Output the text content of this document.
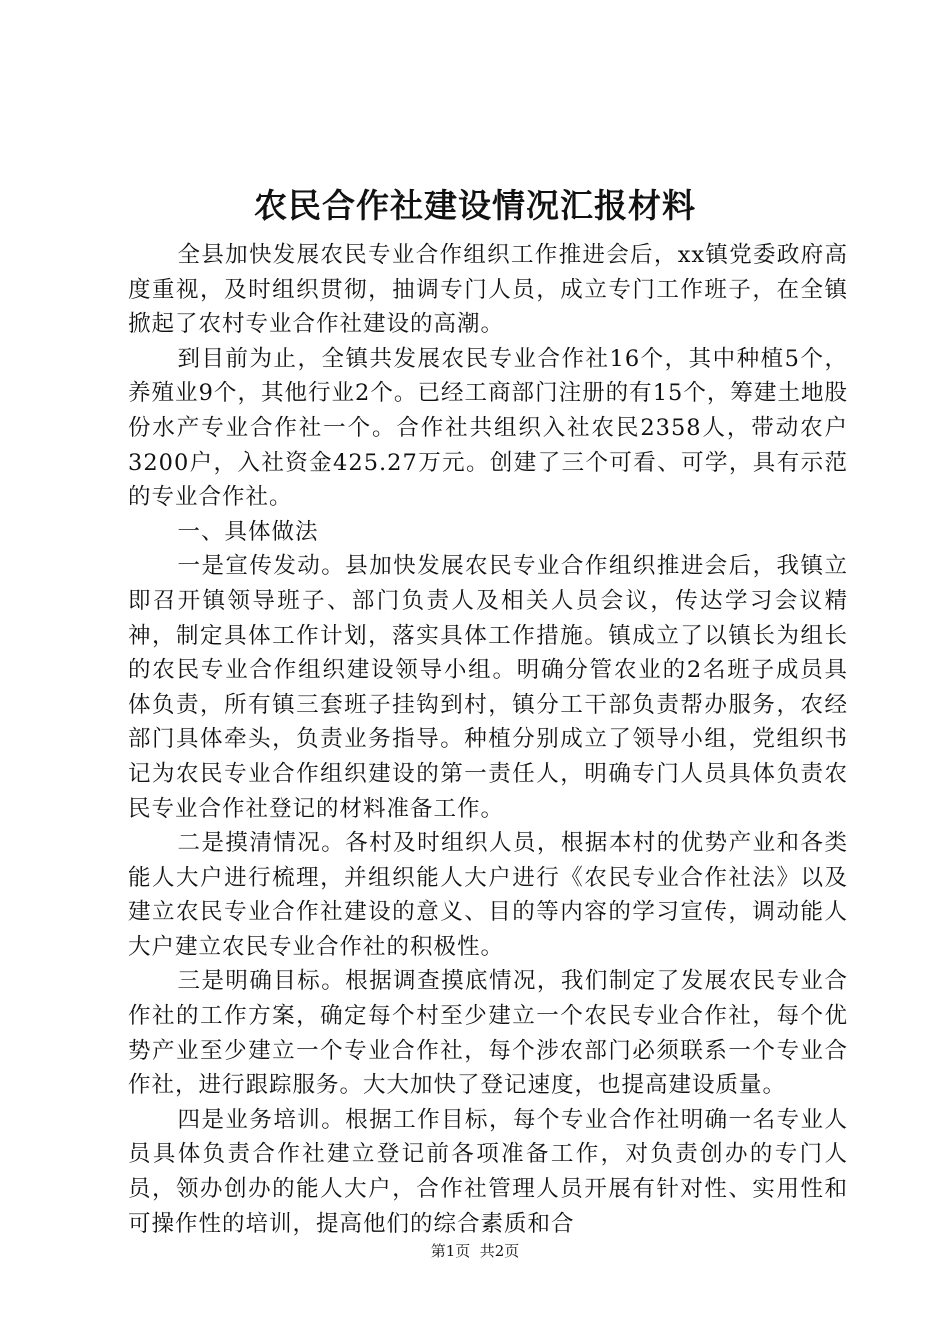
农民合作社建设情况汇报材料

全县加快发展农民专业合作组织工作推进会后，xx镇党委政府高度重视，及时组织贯彻，抽调专门人员，成立专门工作班子，在全镇掀起了农村专业合作社建设的高潮。

到目前为止，全镇共发展农民专业合作社16个，其中种植5个，养殖业9个，其他行业2个。已经工商部门注册的有15个，筹建土地股份水产专业合作社一个。合作社共组织入社农民2358人，带动农户3200户，入社资金425.27万元。创建了三个可看、可学，具有示范的专业合作社。

一、具体做法

一是宣传发动。县加快发展农民专业合作组织推进会后，我镇立即召开镇领导班子、部门负责人及相关人员会议，传达学习会议精神，制定具体工作计划，落实具体工作措施。镇成立了以镇长为组长的农民专业合作组织建设领导小组。明确分管农业的2名班子成员具体负责，所有镇三套班子挂钩到村，镇分工干部负责帮办服务，农经部门具体牵头，负责业务指导。种植分别成立了领导小组，党组织书记为农民专业合作组织建设的第一责任人，明确专门人员具体负责农民专业合作社登记的材料准备工作。

二是摸清情况。各村及时组织人员，根据本村的优势产业和各类能人大户进行梳理，并组织能人大户进行《农民专业合作社法》以及建立农民专业合作社建设的意义、目的等内容的学习宣传，调动能人大户建立农民专业合作社的积极性。

三是明确目标。根据调查摸底情况，我们制定了发展农民专业合作社的工作方案，确定每个村至少建立一个农民专业合作社，每个优势产业至少建立一个专业合作社，每个涉农部门必须联系一个专业合作社，进行跟踪服务。大大加快了登记速度，也提高建设质量。

四是业务培训。根据工作目标，每个专业合作社明确一名专业人员具体负责合作社建立登记前各项准备工作，对负责创办的专门人员，领办创办的能人大户，合作社管理人员开展有针对性、实用性和可操作性的培训，提高他们的综合素质和合

第1页  共2页
